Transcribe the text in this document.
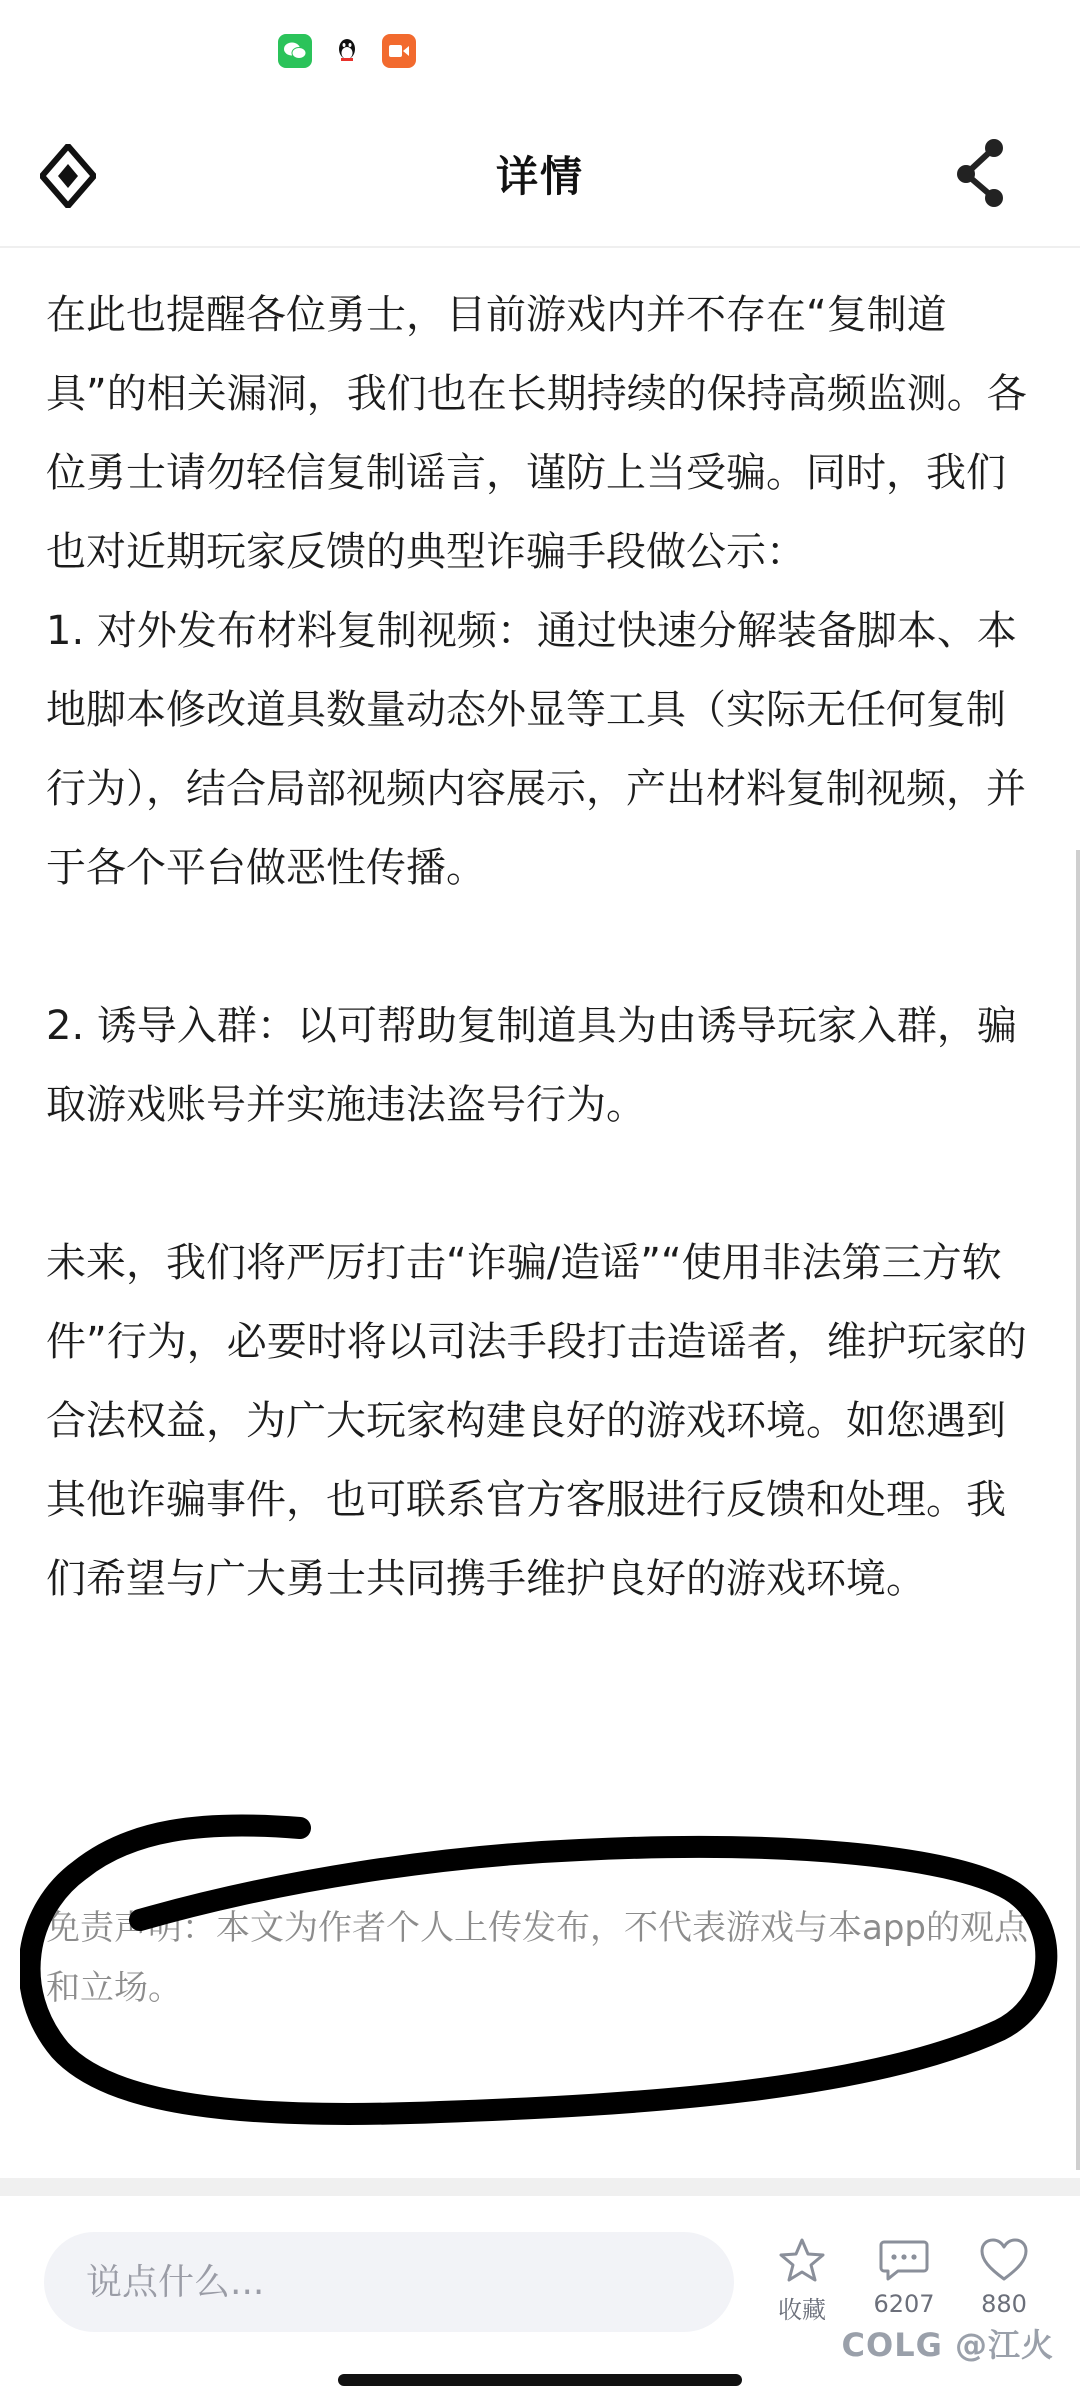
详情

在此也提醒各位勇士，目前游戏内并不存在“复制道具”的相关漏洞，我们也在长期持续的保持高频监测。各位勇士请勿轻信复制谣言，谨防上当受骗。同时，我们也对近期玩家反馈的典型诈骗手段做公示：
1. 对外发布材料复制视频：通过快速分解装备脚本、本地脚本修改道具数量动态外显等工具（实际无任何复制行为），结合局部视频内容展示，产出材料复制视频，并于各个平台做恶性传播。

2. 诱导入群：以可帮助复制道具为由诱导玩家入群，骗取游戏账号并实施违法盗号行为。

未来，我们将严厉打击“诈骗/造谣”“使用非法第三方软件”行为，必要时将以司法手段打击造谣者，维护玩家的合法权益，为广大玩家构建良好的游戏环境。如您遇到其他诈骗事件，也可联系官方客服进行反馈和处理。我们希望与广大勇士共同携手维护良好的游戏环境。

免责声明：本文为作者个人上传发布，不代表游戏与本app的观点和立场。
说点什么...
收藏	6207	880
COLG @江火
